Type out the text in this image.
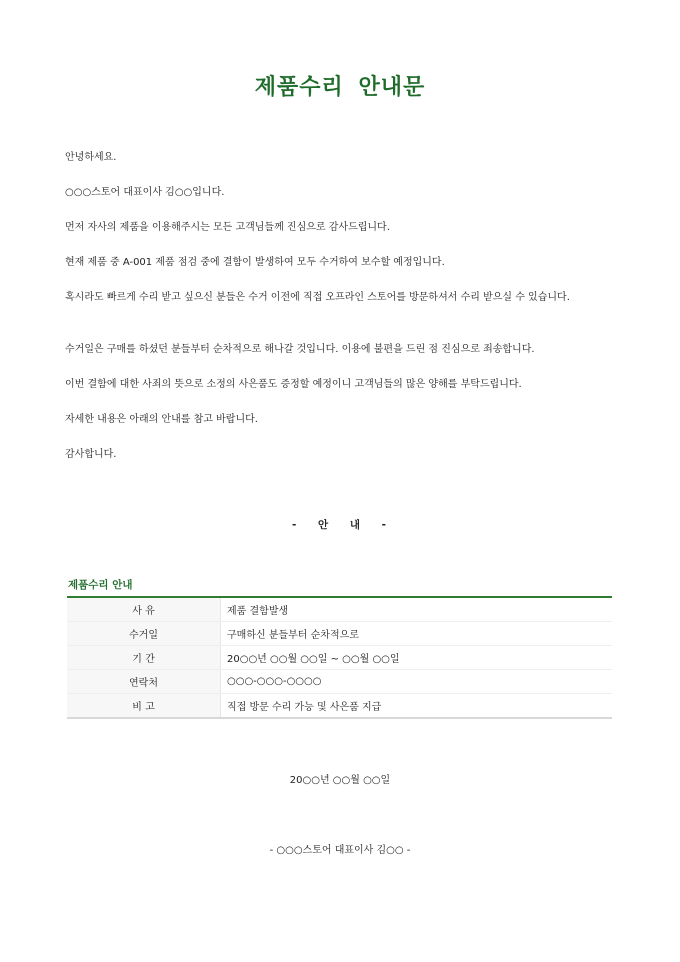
제품수리 안내문

안녕하세요.

○○○스토어 대표이사 김○○입니다.

먼저 자사의 제품을 이용해주시는 모든 고객님들께 진심으로 감사드립니다.

현재 제품 중 A-001 제품 점검 중에 결함이 발생하여 모두 수거하여 보수할 예정입니다.

혹시라도 빠르게 수리 받고 싶으신 분들은 수거 이전에 직접 오프라인 스토어를 방문하셔서 수리 받으실 수 있습니다.

수거일은 구매를 하셨던 분들부터 순차적으로 해나갈 것입니다. 이용에 불편을 드린 점 진심으로 죄송합니다.

이번 결함에 대한 사죄의 뜻으로 소정의 사은품도 증정할 예정이니 고객님들의 많은 양해를 부탁드립니다.

자세한 내용은 아래의 안내를 참고 바랍니다.

감사합니다.

- 안 내 -
제품수리 안내
사 유	제품 결함발생
수거일	구매하신 분들부터 순차적으로
기 간	20○○년 ○○월 ○○일 ~ ○○월 ○○일
연락처	○○○-○○○-○○○○
비 고	직접 방문 수리 가능 및 사은품 지급
20○○년 ○○월 ○○일
- ○○○스토어 대표이사 김○○ -
